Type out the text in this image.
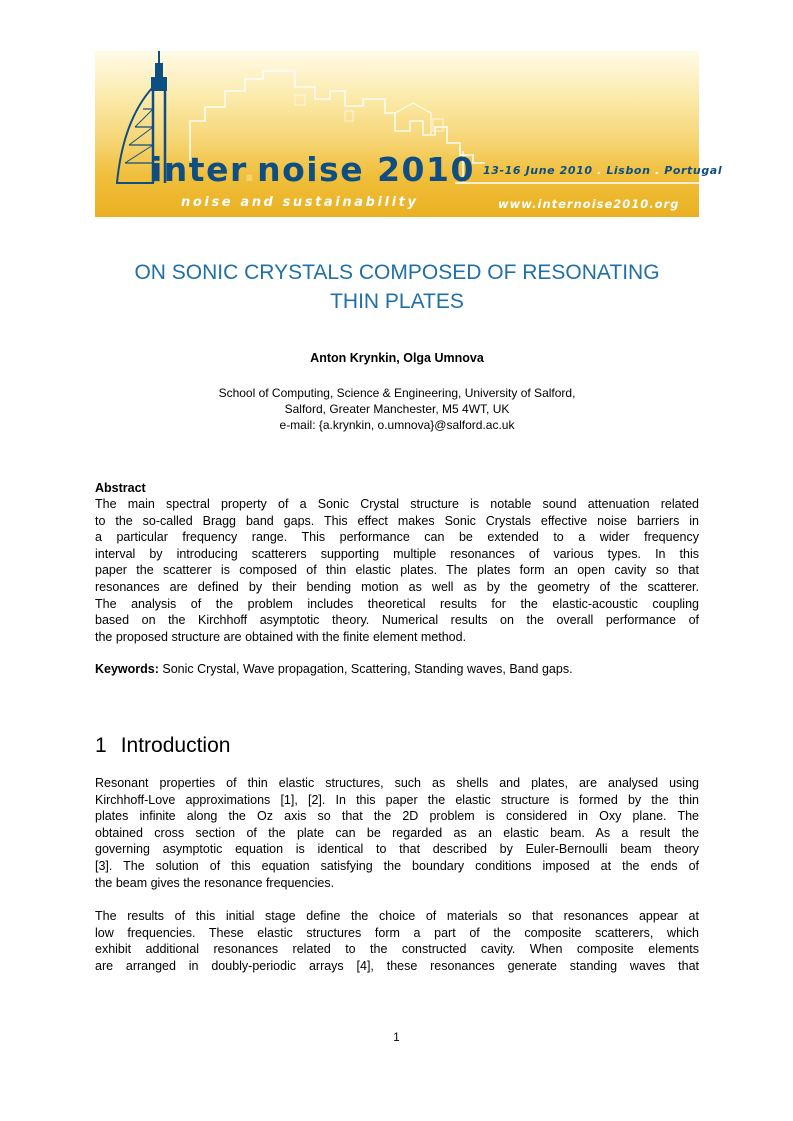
inter.noise 2010
noise and sustainability
13-16 June 2010 . Lisbon . Portugal
www.internoise2010.org
ON SONIC CRYSTALS COMPOSED OF RESONATING
THIN PLATES
Anton Krynkin, Olga Umnova
School of Computing, Science & Engineering, University of Salford,
Salford, Greater Manchester, M5 4WT, UK
e-mail: {a.krynkin, o.umnova}@salford.ac.uk
Abstract
The main spectral property of a Sonic Crystal structure is notable sound attenuation related
to the so-called Bragg band gaps. This effect makes Sonic Crystals effective noise barriers in
a particular frequency range. This performance can be extended to a wider frequency
interval by introducing scatterers supporting multiple resonances of various types. In this
paper the scatterer is composed of thin elastic plates. The plates form an open cavity so that
resonances are defined by their bending motion as well as by the geometry of the scatterer.
The analysis of the problem includes theoretical results for the elastic-acoustic coupling
based on the Kirchhoff asymptotic theory. Numerical results on the overall performance of
the proposed structure are obtained with the finite element method.
Keywords: Sonic Crystal, Wave propagation, Scattering, Standing waves, Band gaps.
1 Introduction
Resonant properties of thin elastic structures, such as shells and plates, are analysed using
Kirchhoff-Love approximations [1], [2]. In this paper the elastic structure is formed by the thin
plates infinite along the Oz axis so that the 2D problem is considered in Oxy plane. The
obtained cross section of the plate can be regarded as an elastic beam. As a result the
governing asymptotic equation is identical to that described by Euler-Bernoulli beam theory
[3]. The solution of this equation satisfying the boundary conditions imposed at the ends of
the beam gives the resonance frequencies.
The results of this initial stage define the choice of materials so that resonances appear at
low frequencies. These elastic structures form a part of the composite scatterers, which
exhibit additional resonances related to the constructed cavity. When composite elements
are arranged in doubly-periodic arrays [4], these resonances generate standing waves that
1
